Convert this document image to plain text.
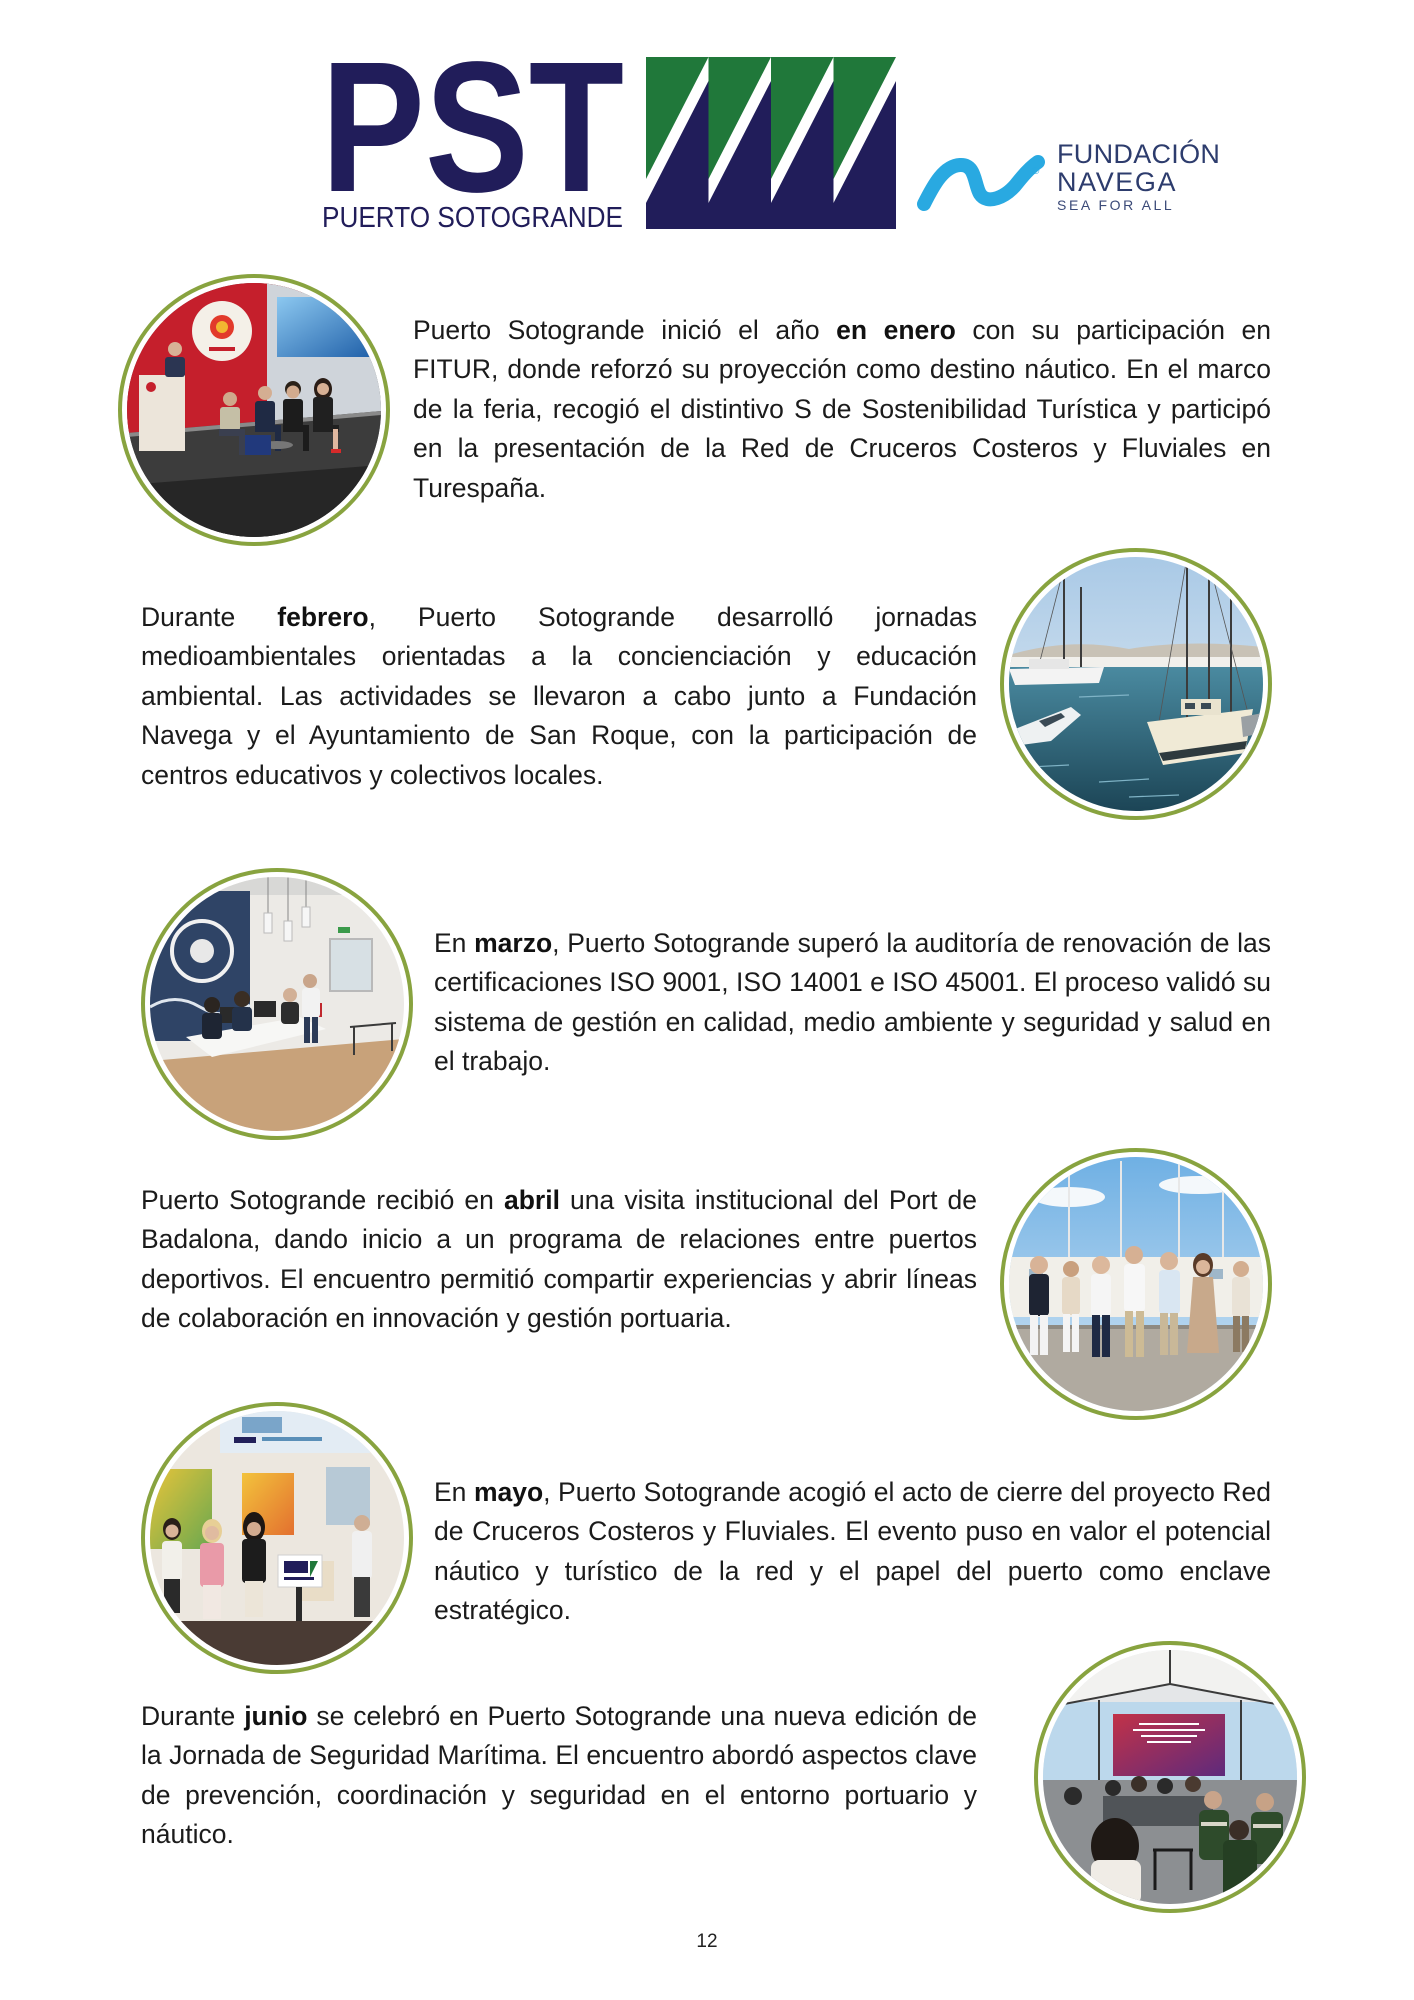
PST
PUERTO SOTOGRANDE
©
FUNDACIÓN
NAVEGA
SEA FOR ALL

Puerto Sotogrande inició el año en enero con su participación en FITUR, donde reforzó su proyección como destino náutico. En el marco de la feria, recogió el distintivo S de Sostenibilidad Turística y participó en la presentación de la Red de Cruceros Costeros y Fluviales en Turespaña.

Durante febrero, Puerto Sotogrande desarrolló jornadas medioambientales orientadas a la concienciación y educación ambiental. Las actividades se llevaron a cabo junto a Fundación Navega y el Ayuntamiento de San Roque, con la participación de centros educativos y colectivos locales.

En marzo, Puerto Sotogrande superó la auditoría de renovación de las certificaciones ISO 9001, ISO 14001 e ISO 45001. El proceso validó su sistema de gestión en calidad, medio ambiente y seguridad y salud en el trabajo.

Puerto Sotogrande recibió en abril una visita institucional del Port de Badalona, dando inicio a un programa de relaciones entre puertos deportivos. El encuentro permitió compartir experiencias y abrir líneas de colaboración en innovación y gestión portuaria.

En mayo, Puerto Sotogrande acogió el acto de cierre del proyecto Red de Cruceros Costeros y Fluviales. El evento puso en valor el potencial náutico y turístico de la red y el papel del puerto como enclave estratégico.

Durante junio se celebró en Puerto Sotogrande una nueva edición de la Jornada de Seguridad Marítima. El encuentro abordó aspectos clave de prevención, coordinación y seguridad en el entorno portuario y náutico.

12
